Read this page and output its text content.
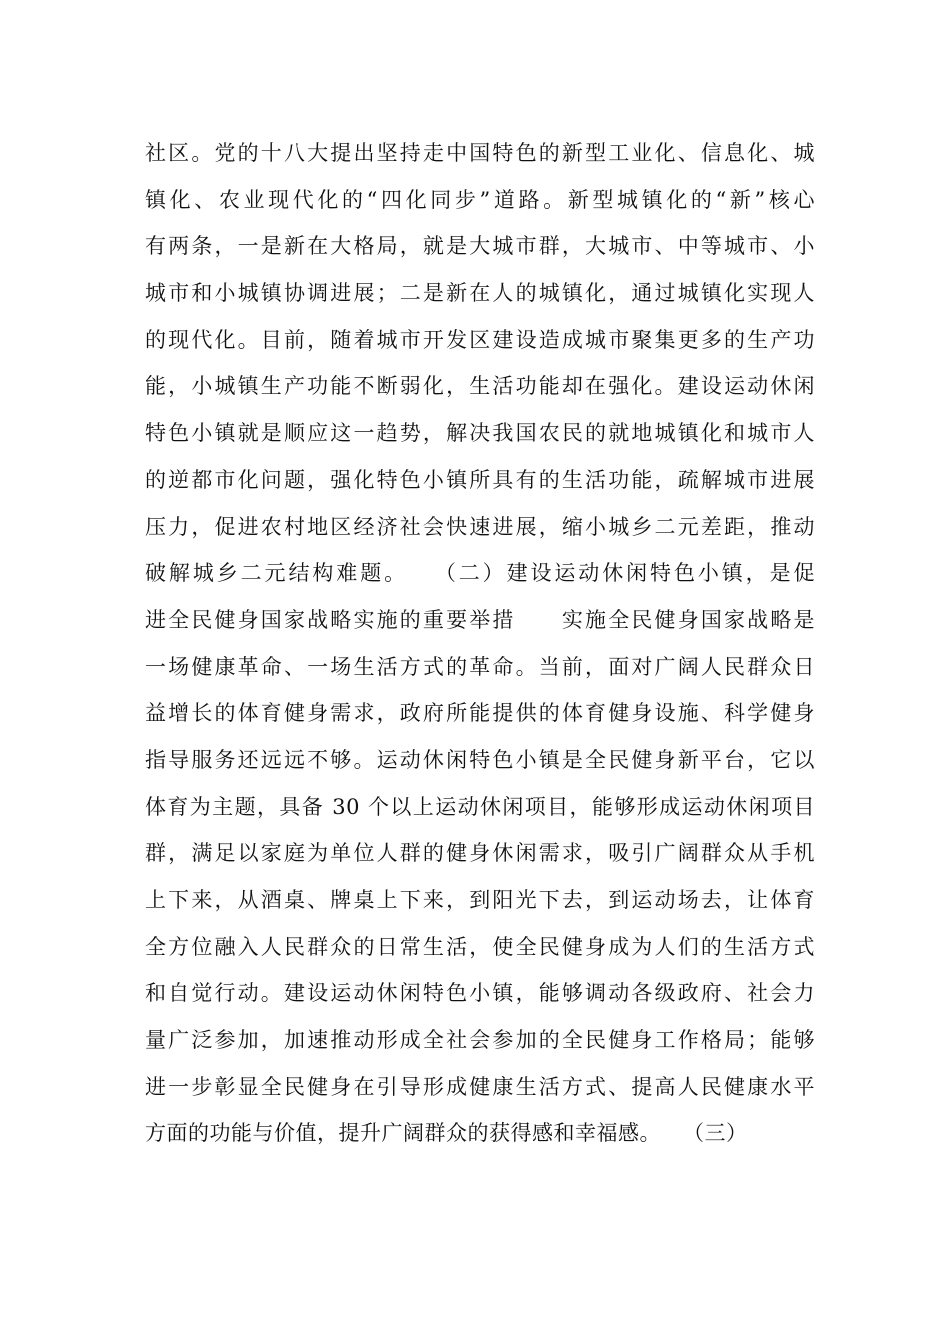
社区。党的十八大提出坚持走中国特色的新型工业化、信息化、城
镇化、农业现代化的“四化同步”道路。新型城镇化的“新”核心
有两条，一是新在大格局，就是大城市群，大城市、中等城市、小
城市和小城镇协调进展；二是新在人的城镇化，通过城镇化实现人
的现代化。目前，随着城市开发区建设造成城市聚集更多的生产功
能，小城镇生产功能不断弱化，生活功能却在强化。建设运动休闲
特色小镇就是顺应这一趋势，解决我国农民的就地城镇化和城市人
的逆都市化问题，强化特色小镇所具有的生活功能，疏解城市进展
压力，促进农村地区经济社会快速进展，缩小城乡二元差距，推动
破解城乡二元结构难题。　　（二）建设运动休闲特色小镇，是促
进全民健身国家战略实施的重要举措　　实施全民健身国家战略是
一场健康革命、一场生活方式的革命。当前，面对广阔人民群众日
益增长的体育健身需求，政府所能提供的体育健身设施、科学健身
指导服务还远远不够。运动休闲特色小镇是全民健身新平台，它以
体育为主题，具备 30 个以上运动休闲项目，能够形成运动休闲项目
群，满足以家庭为单位人群的健身休闲需求，吸引广阔群众从手机
上下来，从酒桌、牌桌上下来，到阳光下去，到运动场去，让体育
全方位融入人民群众的日常生活，使全民健身成为人们的生活方式
和自觉行动。建设运动休闲特色小镇，能够调动各级政府、社会力
量广泛参加，加速推动形成全社会参加的全民健身工作格局；能够
进一步彰显全民健身在引导形成健康生活方式、提高人民健康水平
方面的功能与价值，提升广阔群众的获得感和幸福感。　　（三）
